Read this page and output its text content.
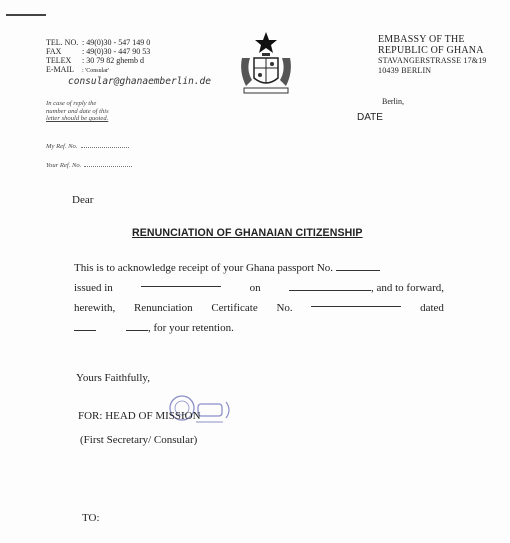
TEL. NO. : 49(0)30 - 547 149 0
FAX	: 49(0)30 - 447 90 53
TELEX : 30 79 82 ghemb d
E-MAIL : 'Consular'
consular@ghanaemberlin.de
EMBASSY OF THE
REPUBLIC OF GHANA
STAVANGERSTRASSE 17&19
10439 BERLIN
In case of reply the
number and date of this
letter should be quoted.
Berlin,
DATE
My Ref. No.
Your Ref. No.
Dear
RENUNCIATION OF GHANAIAN CITIZENSHIP
This is to acknowledge receipt of your Ghana passport No.
issued in	on	, and to forward,
herewith, Renunciation Certificate No.	dated
, for your retention.
Yours Faithfully,
FOR: HEAD OF MISSION
(First Secretary/ Consular)
TO:
